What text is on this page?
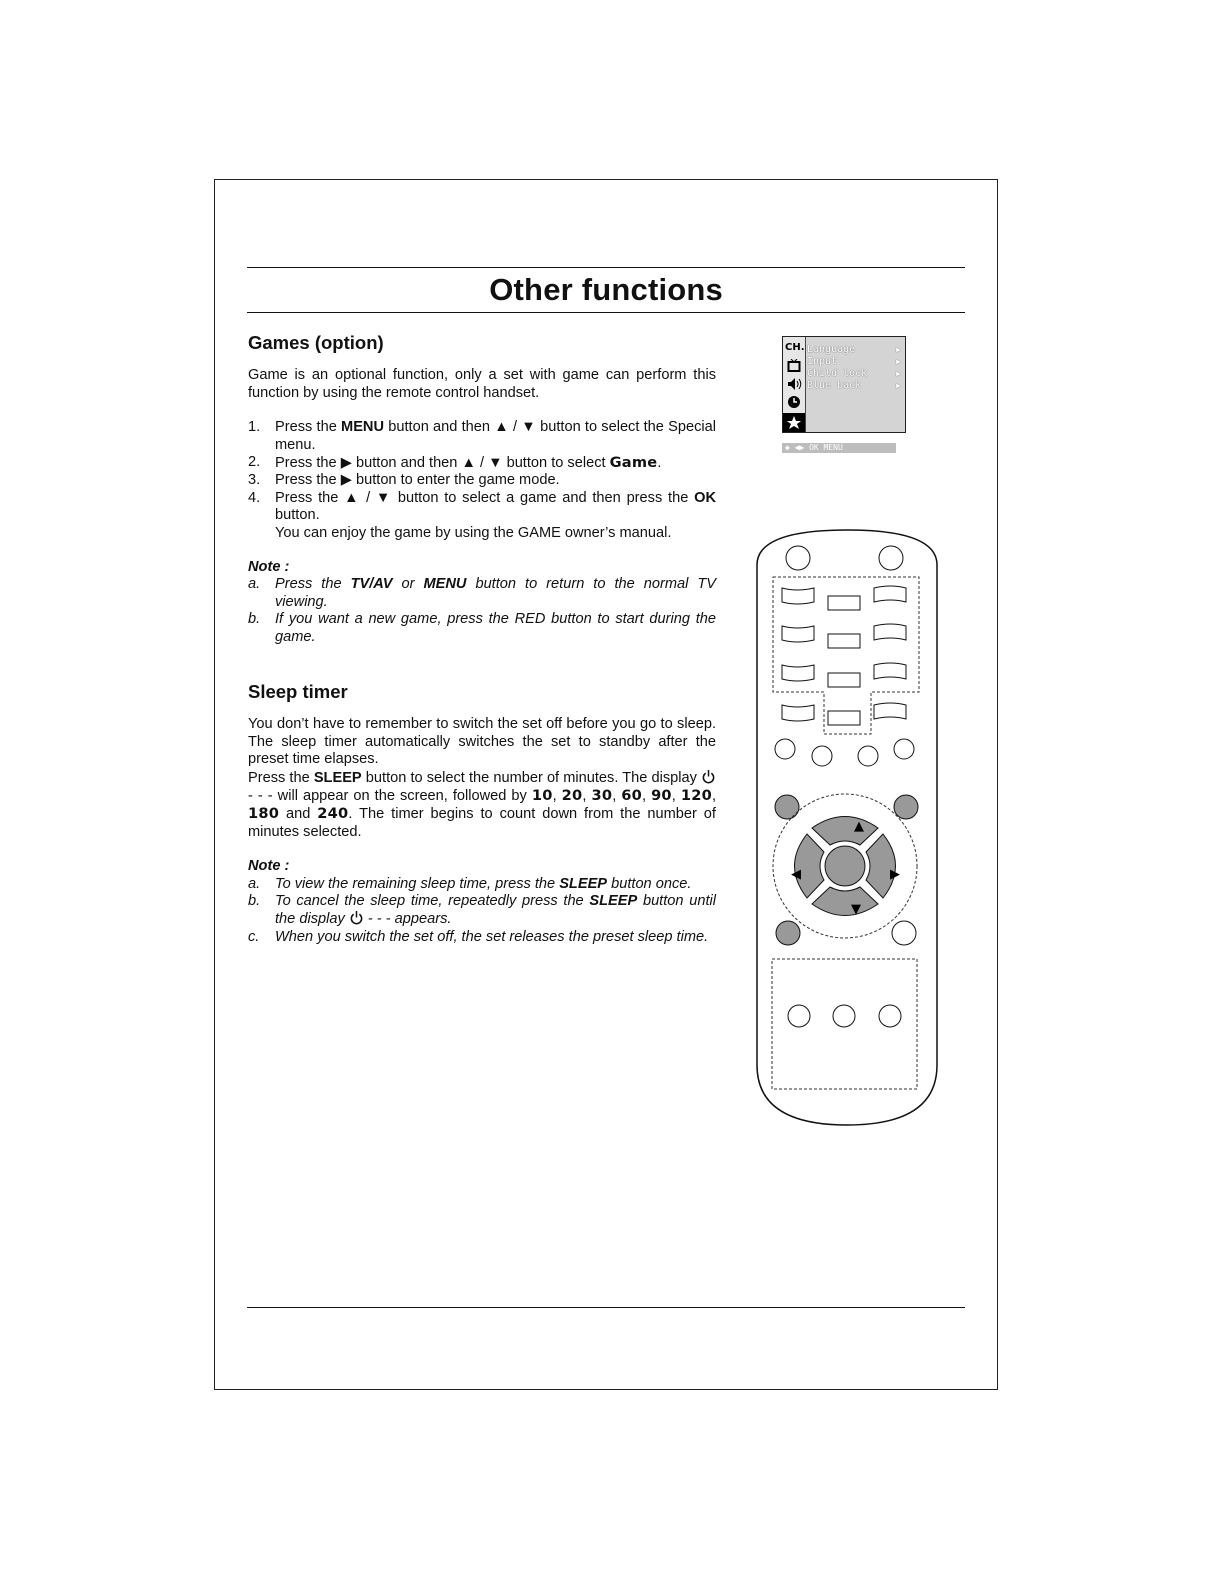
Other functions
Games (option)

Game is an optional function, only a set with game can perform this function by using the remote control handset.

1. Press the MENU button and then ▲ / ▼ button to select the Special menu.
2. Press the ▶ button and then ▲ / ▼ button to select Game.
3. Press the ▶ button to enter the game mode.
4. Press the ▲ / ▼ button to select a game and then press the OK button.
You can enjoy the game by using the GAME owner’s manual.

Note :

a. Press the TV/AV or MENU button to return to the normal TV viewing.
b. If you want a new game, press the RED button to start during the game.
Sleep timer

You don’t have to remember to switch the set off before you go to sleep. The sleep timer automatically switches the set to standby after the preset time elapses.

Press the SLEEP button to select the number of minutes. The display - - - will appear on the screen, followed by 10, 20, 30, 60, 90, 120, 180 and 240. The timer begins to count down from the number of minutes selected.

Note :

a. To view the remaining sleep time, press the SLEEP button once.
b. To cancel the sleep time, repeatedly press the SLEEP button until the display  - - - appears.
c. When you switch the set off, the set releases the preset sleep time.
CH. Language	▶
Input	▶
Child lock	▶
Blue back	▶
◆ ◀▶ OK MENU
▲
◀	▶
▼
